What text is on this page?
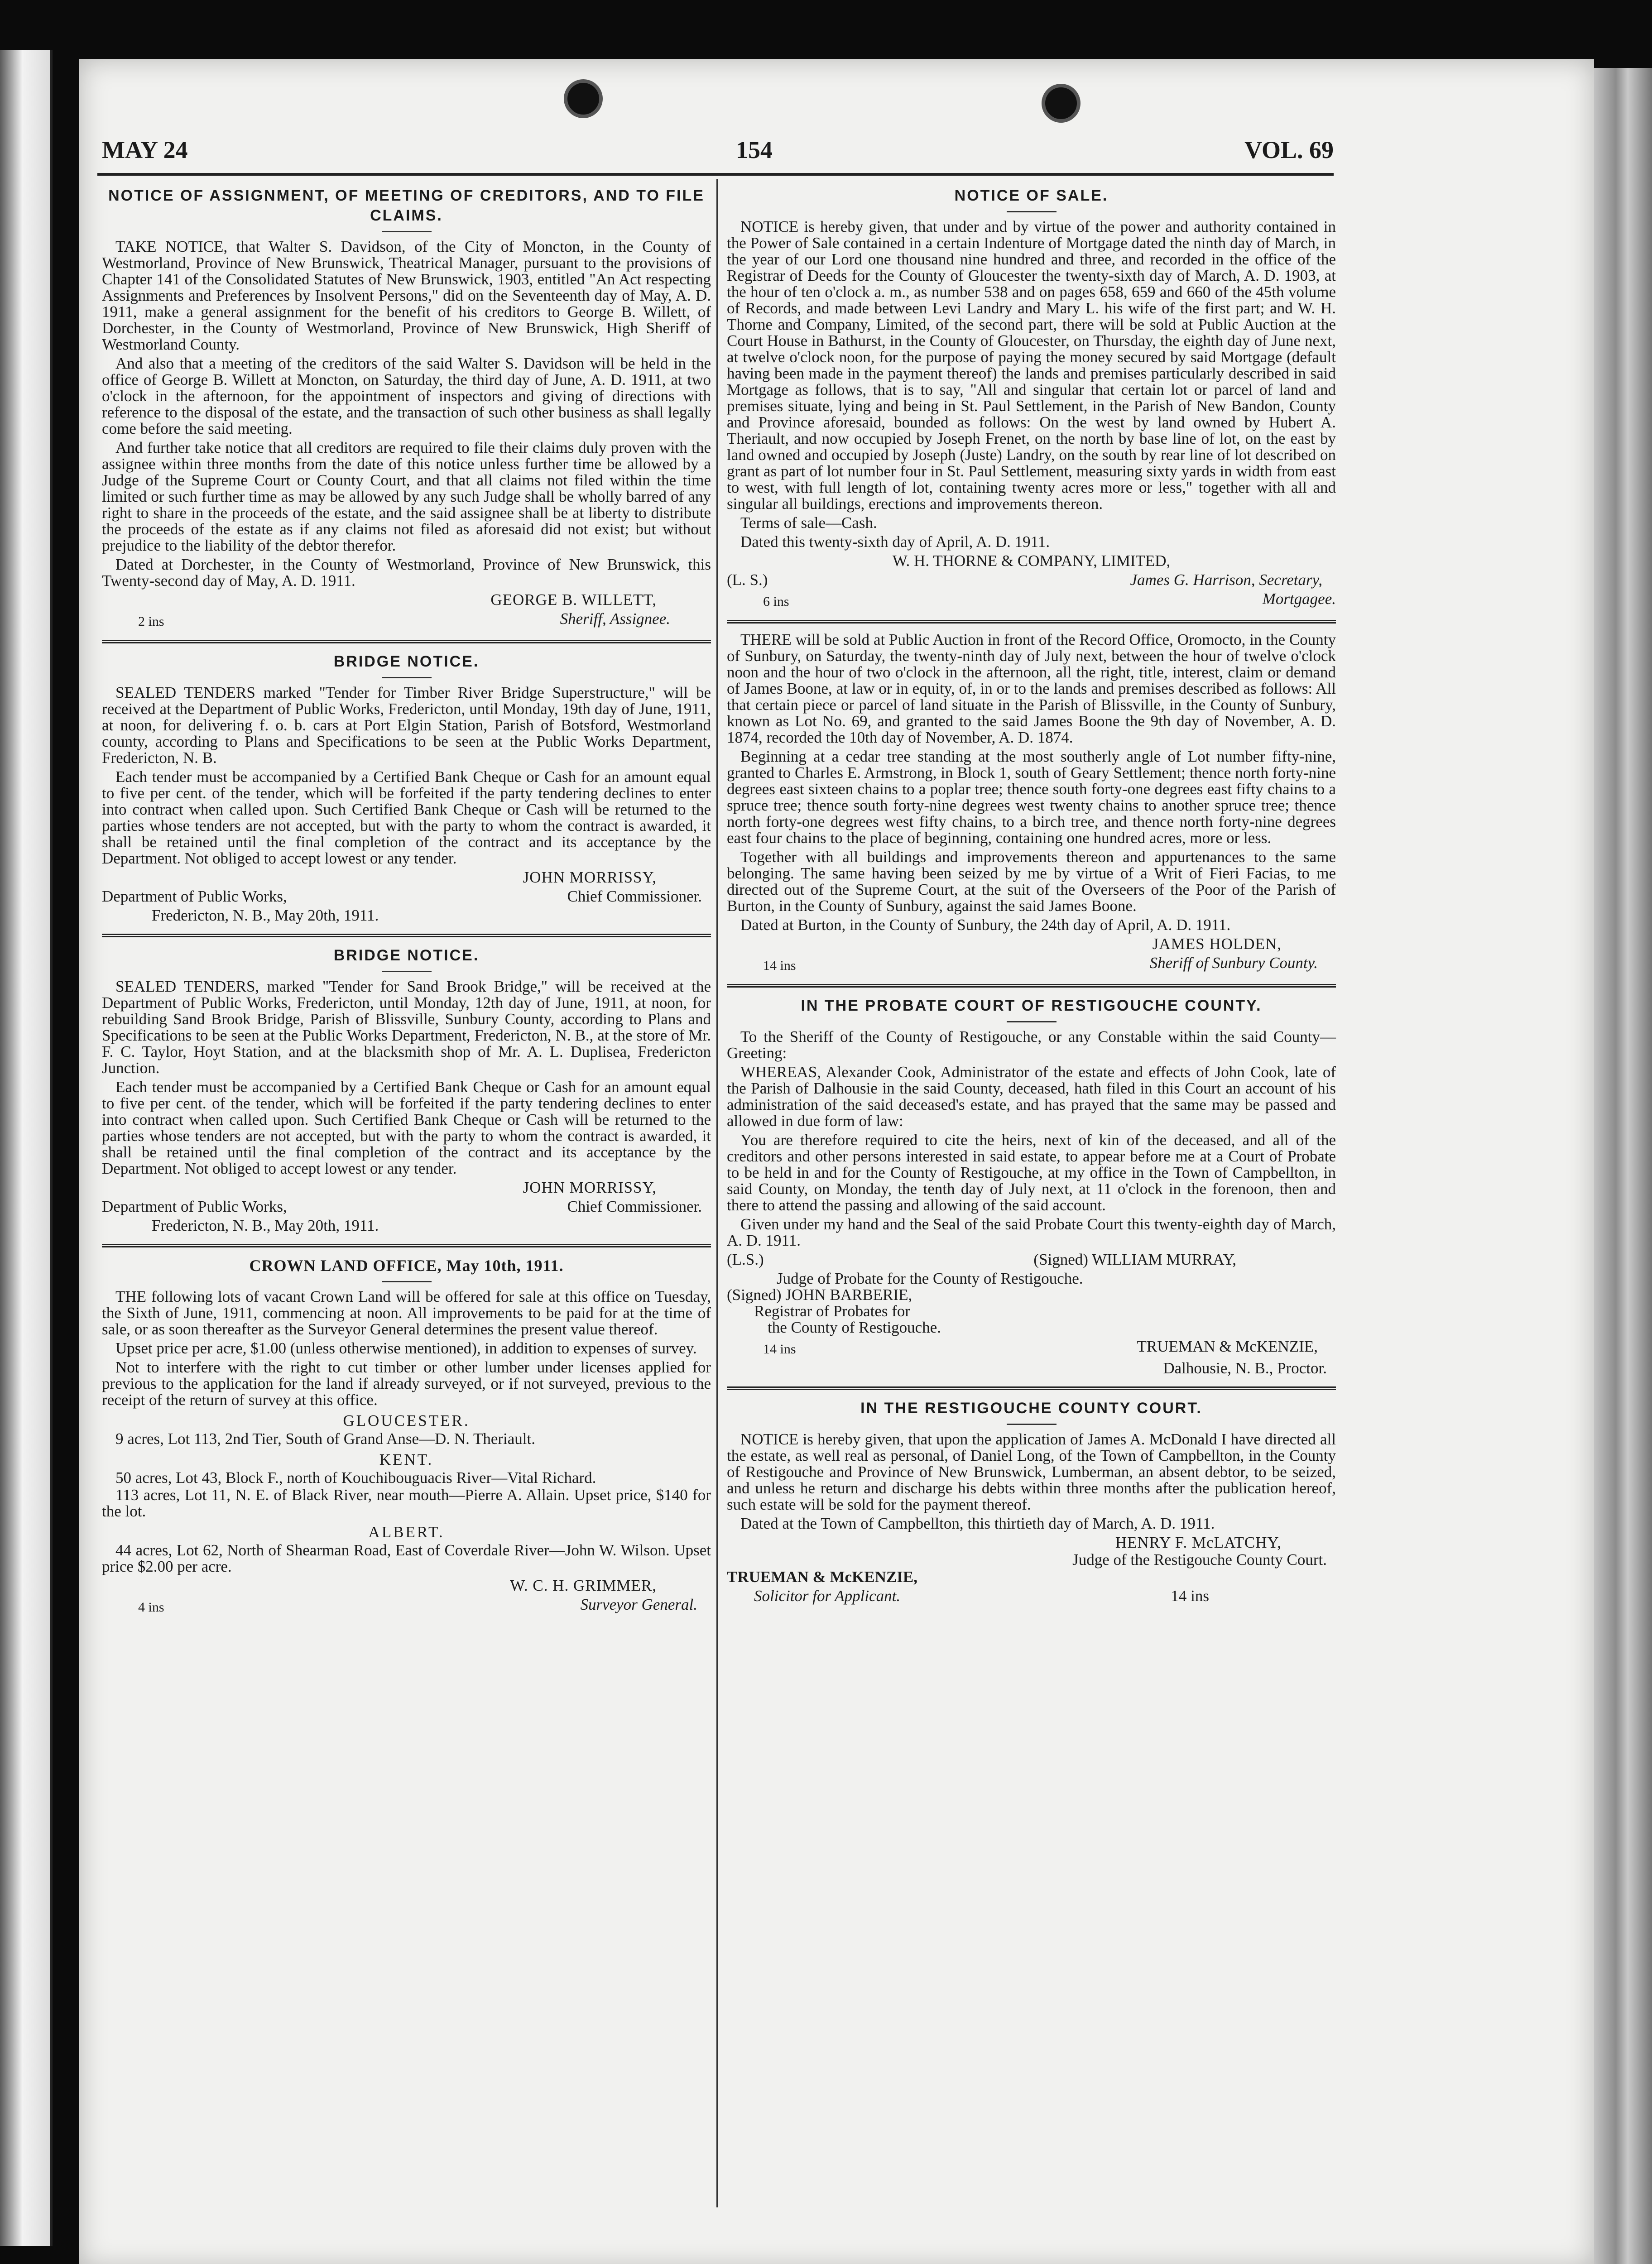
MAY 24	154	VOL. 69
NOTICE OF ASSIGNMENT, OF MEETING OF CREDITORS, AND TO FILE CLAIMS.

TAKE NOTICE, that Walter S. Davidson, of the City of Moncton, in the County of Westmorland, Province of New Brunswick, Theatrical Manager, pursuant to the provisions of Chapter 141 of the Consolidated Statutes of New Brunswick, 1903, entitled "An Act respecting Assignments and Preferences by Insolvent Persons," did on the Seventeenth day of May, A. D. 1911, make a general assignment for the benefit of his creditors to George B. Willett, of Dorchester, in the County of Westmorland, Province of New Brunswick, High Sheriff of Westmorland County.

And also that a meeting of the creditors of the said Walter S. Davidson will be held in the office of George B. Willett at Moncton, on Saturday, the third day of June, A. D. 1911, at two o'clock in the afternoon, for the appointment of inspectors and giving of directions with reference to the disposal of the estate, and the transaction of such other business as shall legally come before the said meeting.

And further take notice that all creditors are required to file their claims duly proven with the assignee within three months from the date of this notice unless further time be allowed by a Judge of the Supreme Court or County Court, and that all claims not filed within the time limited or such further time as may be allowed by any such Judge shall be wholly barred of any right to share in the proceeds of the estate, and the said assignee shall be at liberty to distribute the proceeds of the estate as if any claims not filed as aforesaid did not exist; but without prejudice to the liability of the debtor therefor.

Dated at Dorchester, in the County of Westmorland, Province of New Brunswick, this Twenty-second day of May, A. D. 1911.

GEORGE B. WILLETT,

2 ins	Sheriff, Assignee.
BRIDGE NOTICE.

SEALED TENDERS marked "Tender for Timber River Bridge Superstructure," will be received at the Department of Public Works, Fredericton, until Monday, 19th day of June, 1911, at noon, for delivering f. o. b. cars at Port Elgin Station, Parish of Botsford, Westmorland county, according to Plans and Specifications to be seen at the Public Works Department, Fredericton, N. B.

Each tender must be accompanied by a Certified Bank Cheque or Cash for an amount equal to five per cent. of the tender, which will be forfeited if the party tendering declines to enter into contract when called upon. Such Certified Bank Cheque or Cash will be returned to the parties whose tenders are not accepted, but with the party to whom the contract is awarded, it shall be retained until the final completion of the contract and its acceptance by the Department. Not obliged to accept lowest or any tender.

JOHN MORRISSY,

Department of Public Works,	Chief Commissioner.

Fredericton, N. B., May 20th, 1911.

BRIDGE NOTICE.

SEALED TENDERS, marked "Tender for Sand Brook Bridge," will be received at the Department of Public Works, Fredericton, until Monday, 12th day of June, 1911, at noon, for rebuilding Sand Brook Bridge, Parish of Blissville, Sunbury County, according to Plans and Specifications to be seen at the Public Works Department, Fredericton, N. B., at the store of Mr. F. C. Taylor, Hoyt Station, and at the blacksmith shop of Mr. A. L. Duplisea, Fredericton Junction.

Each tender must be accompanied by a Certified Bank Cheque or Cash for an amount equal to five per cent. of the tender, which will be forfeited if the party tendering declines to enter into contract when called upon. Such Certified Bank Cheque or Cash will be returned to the parties whose tenders are not accepted, but with the party to whom the contract is awarded, it shall be retained until the final completion of the contract and its acceptance by the Department. Not obliged to accept lowest or any tender.

JOHN MORRISSY,

Department of Public Works,	Chief Commissioner.

Fredericton, N. B., May 20th, 1911.

CROWN LAND OFFICE, May 10th, 1911.

THE following lots of vacant Crown Land will be offered for sale at this office on Tuesday, the Sixth of June, 1911, commencing at noon. All improvements to be paid for at the time of sale, or as soon thereafter as the Surveyor General determines the present value thereof.

Upset price per acre, $1.00 (unless otherwise mentioned), in addition to expenses of survey.

Not to interfere with the right to cut timber or other lumber under licenses applied for previous to the application for the land if already surveyed, or if not surveyed, previous to the receipt of the return of survey at this office.

GLOUCESTER.

9 acres, Lot 113, 2nd Tier, South of Grand Anse—D. N. Theriault.

KENT.

50 acres, Lot 43, Block F., north of Kouchibouguacis River—Vital Richard.

113 acres, Lot 11, N. E. of Black River, near mouth—Pierre A. Allain. Upset price, $140 for the lot.

ALBERT.

44 acres, Lot 62, North of Shearman Road, East of Coverdale River—John W. Wilson. Upset price $2.00 per acre.

W. C. H. GRIMMER,

4 ins	Surveyor General.
NOTICE OF SALE.

NOTICE is hereby given, that under and by virtue of the power and authority contained in the Power of Sale contained in a certain Indenture of Mortgage dated the ninth day of March, in the year of our Lord one thousand nine hundred and three, and recorded in the office of the Registrar of Deeds for the County of Gloucester the twenty-sixth day of March, A. D. 1903, at the hour of ten o'clock a. m., as number 538 and on pages 658, 659 and 660 of the 45th volume of Records, and made between Levi Landry and Mary L. his wife of the first part; and W. H. Thorne and Company, Limited, of the second part, there will be sold at Public Auction at the Court House in Bathurst, in the County of Gloucester, on Thursday, the eighth day of June next, at twelve o'clock noon, for the purpose of paying the money secured by said Mortgage (default having been made in the payment thereof) the lands and premises particularly described in said Mortgage as follows, that is to say, "All and singular that certain lot or parcel of land and premises situate, lying and being in St. Paul Settlement, in the Parish of New Bandon, County and Province aforesaid, bounded as follows: On the west by land owned by Hubert A. Theriault, and now occupied by Joseph Frenet, on the north by base line of lot, on the east by land owned and occupied by Joseph (Juste) Landry, on the south by rear line of lot described on grant as part of lot number four in St. Paul Settlement, measuring sixty yards in width from east to west, with full length of lot, containing twenty acres more or less," together with all and singular all buildings, erections and improvements thereon.

Terms of sale—Cash.

Dated this twenty-sixth day of April, A. D. 1911.

W. H. THORNE & COMPANY, LIMITED,

(L. S.)	James G. Harrison, Secretary,
6 ins	Mortgagee.

THERE will be sold at Public Auction in front of the Record Office, Oromocto, in the County of Sunbury, on Saturday, the twenty-ninth day of July next, between the hour of twelve o'clock noon and the hour of two o'clock in the afternoon, all the right, title, interest, claim or demand of James Boone, at law or in equity, of, in or to the lands and premises described as follows: All that certain piece or parcel of land situate in the Parish of Blissville, in the County of Sunbury, known as Lot No. 69, and granted to the said James Boone the 9th day of November, A. D. 1874, recorded the 10th day of November, A. D. 1874.

Beginning at a cedar tree standing at the most southerly angle of Lot number fifty-nine, granted to Charles E. Armstrong, in Block 1, south of Geary Settlement; thence north forty-nine degrees east sixteen chains to a poplar tree; thence south forty-one degrees east fifty chains to a spruce tree; thence south forty-nine degrees west twenty chains to another spruce tree; thence north forty-one degrees west fifty chains, to a birch tree, and thence north forty-nine degrees east four chains to the place of beginning, containing one hundred acres, more or less.

Together with all buildings and improvements thereon and appurtenances to the same belonging. The same having been seized by me by virtue of a Writ of Fieri Facias, to me directed out of the Supreme Court, at the suit of the Overseers of the Poor of the Parish of Burton, in the County of Sunbury, against the said James Boone.

Dated at Burton, in the County of Sunbury, the 24th day of April, A. D. 1911.

JAMES HOLDEN,

14 ins	Sheriff of Sunbury County.
IN THE PROBATE COURT OF RESTIGOUCHE COUNTY.

To the Sheriff of the County of Restigouche, or any Constable within the said County—Greeting:

WHEREAS, Alexander Cook, Administrator of the estate and effects of John Cook, late of the Parish of Dalhousie in the said County, deceased, hath filed in this Court an account of his administration of the said deceased's estate, and has prayed that the same may be passed and allowed in due form of law:

You are therefore required to cite the heirs, next of kin of the deceased, and all of the creditors and other persons interested in said estate, to appear before me at a Court of Probate to be held in and for the County of Restigouche, at my office in the Town of Campbellton, in said County, on Monday, the tenth day of July next, at 11 o'clock in the forenoon, then and there to attend the passing and allowing of the said account.

Given under my hand and the Seal of the said Probate Court this twenty-eighth day of March, A. D. 1911.

(L.S.)	(Signed) WILLIAM MURRAY,

Judge of Probate for the County of Restigouche.

(Signed) JOHN BARBERIE,

Registrar of Probates for

the County of Restigouche.

14 ins	TRUEMAN & McKENZIE,

Dalhousie, N. B., Proctor.

IN THE RESTIGOUCHE COUNTY COURT.

NOTICE is hereby given, that upon the application of James A. McDonald I have directed all the estate, as well real as personal, of Daniel Long, of the Town of Campbellton, in the County of Restigouche and Province of New Brunswick, Lumberman, an absent debtor, to be seized, and unless he return and discharge his debts within three months after the publication hereof, such estate will be sold for the payment thereof.

Dated at the Town of Campbellton, this thirtieth day of March, A. D. 1911.

HENRY F. McLATCHY,

Judge of the Restigouche County Court.

TRUEMAN & McKENZIE,

Solicitor for Applicant.	14 ins
